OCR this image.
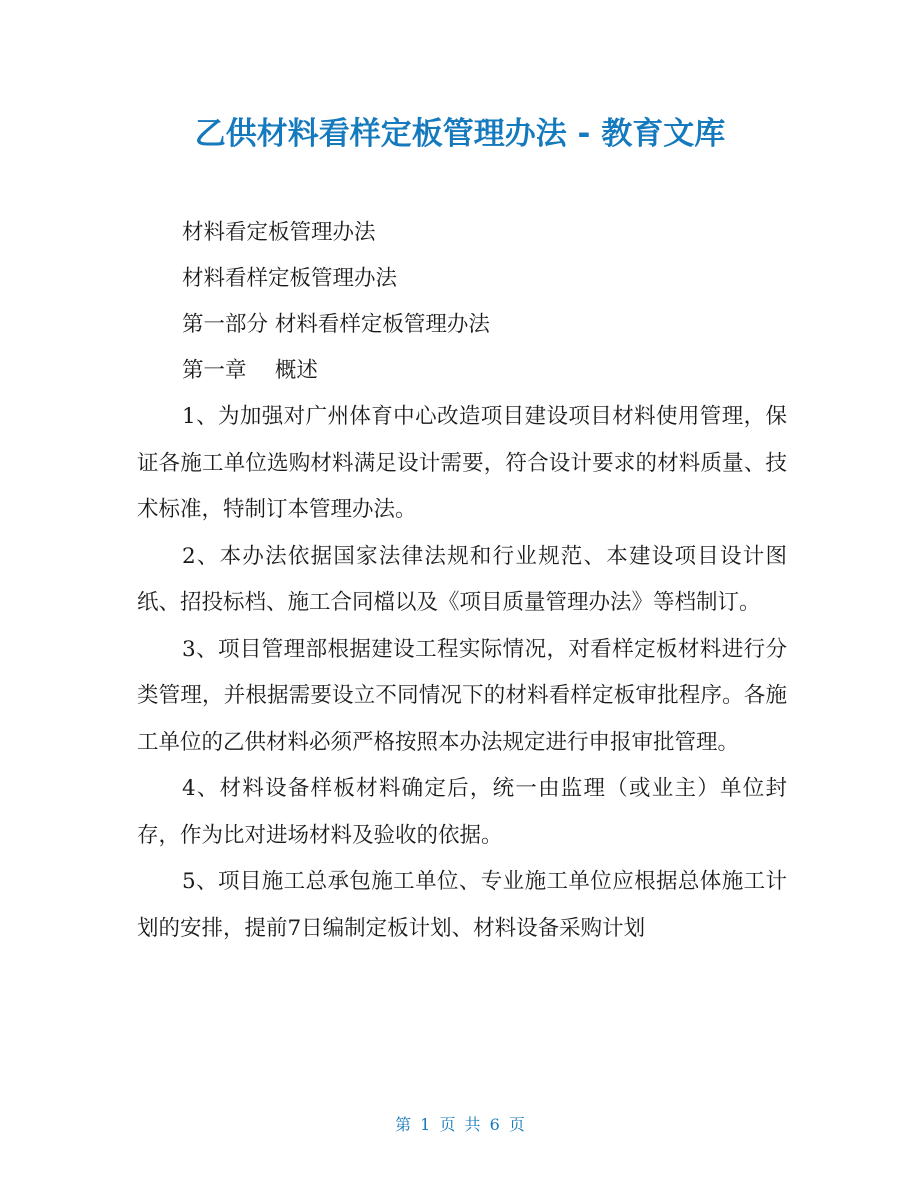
乙供材料看样定板管理办法 - 教育文库

材料看定板管理办法

材料看样定板管理办法

第一部分 材料看样定板管理办法

第一章　 概述

1、为加强对广州体育中心改造项目建设项目材料使用管理，保证各施工单位选购材料满足设计需要，符合设计要求的材料质量、技术标准，特制订本管理办法。

2、本办法依据国家法律法规和行业规范、本建设项目设计图纸、招投标档、施工合同檔以及《项目质量管理办法》等档制订。

3、项目管理部根据建设工程实际情况，对看样定板材料进行分类管理，并根据需要设立不同情况下的材料看样定板审批程序。各施工单位的乙供材料必须严格按照本办法规定进行申报审批管理。

4、材料设备样板材料确定后，统一由监理（或业主）单位封存，作为比对进场材料及验收的依据。

5、项目施工总承包施工单位、专业施工单位应根据总体施工计划的安排，提前7日编制定板计划、材料设备采购计划

第 1 页 共 6 页
